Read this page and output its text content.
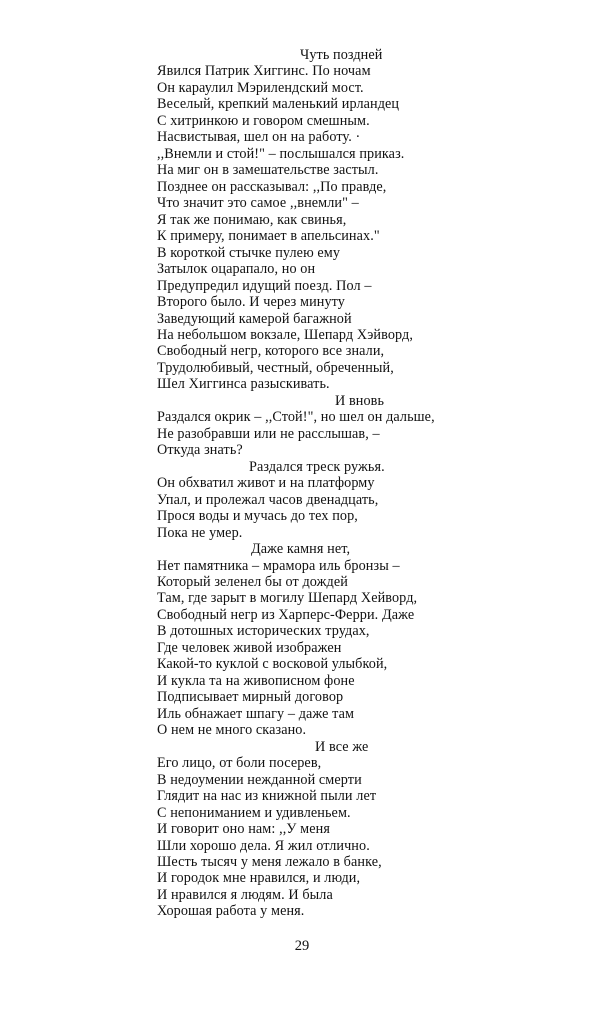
Чуть поздней
Явился Патрик Хиггинс. По ночам
Он караулил Мэрилендский мост.
Веселый, крепкий маленький ирландец
С хитринкою и говором смешным.
Насвистывая, шел он на работу. ·
,,Внемли и стой!" – послышался приказ.
На миг он в замешательстве застыл.
Позднее он рассказывал: ,,По правде,
Что значит это самое ,,внемли" –
Я так же понимаю, как свинья,
К примеру, понимает в апельсинах."
В короткой стычке пулею ему
Затылок оцарапало, но он
Предупредил идущий поезд. Пол –
Второго было. И через минуту
Заведующий камерой багажной
На небольшом вокзале, Шепард Хэйворд,
Свободный негр, которого все знали,
Трудолюбивый, честный, обреченный,
Шел Хиггинса разыскивать.
И вновь
Раздался окрик – ,,Стой!", но шел он дальше,
Не разобравши или не расслышав, –
Откуда знать?
Раздался треск ружья.
Он обхватил живот и на платформу
Упал, и пролежал часов двенадцать,
Прося воды и мучась до тех пор,
Пока не умер.
Даже камня нет,
Нет памятника – мрамора иль бронзы –
Который зеленел бы от дождей
Там, где зарыт в могилу Шепард Хейворд,
Свободный негр из Харперс-Ферри. Даже
В дотошных исторических трудах,
Где человек живой изображен
Какой-то куклой с восковой улыбкой,
И кукла та на живописном фоне
Подписывает мирный договор
Иль обнажает шпагу – даже там
О нем не много сказано.
И все же
Его лицо, от боли посерев,
В недоумении нежданной смерти
Глядит на нас из книжной пыли лет
С непониманием и удивленьем.
И говорит оно нам: ,,У меня
Шли хорошо дела. Я жил отлично.
Шесть тысяч у меня лежало в банке,
И городок мне нравился, и люди,
И нравился я людям. И была
Хорошая работа у меня.
29
